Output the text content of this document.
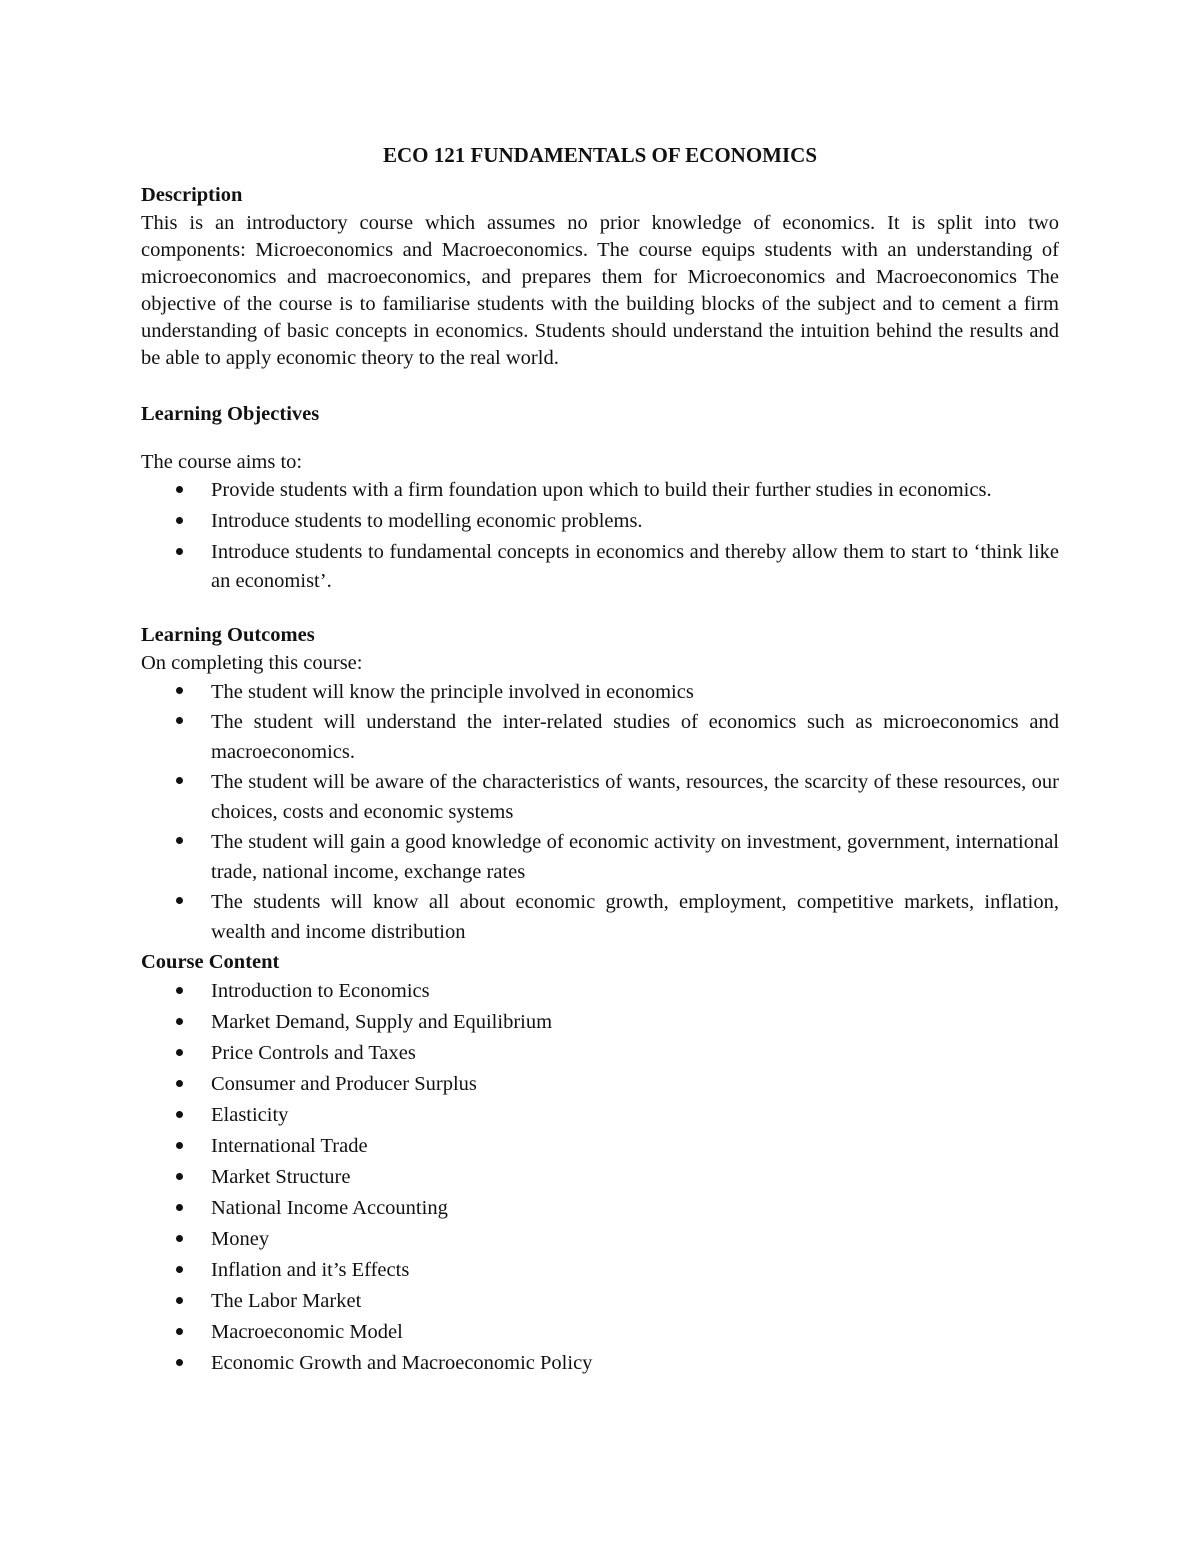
ECO 121 FUNDAMENTALS OF ECONOMICS
Description

This is an introductory course which assumes no prior knowledge of economics. It is split into two components: Microeconomics and Macroeconomics. The course equips students with an understanding of microeconomics and macroeconomics, and prepares them for Microeconomics and Macroeconomics The objective of the course is to familiarise students with the building blocks of the subject and to cement a firm understanding of basic concepts in economics. Students should understand the intuition behind the results and be able to apply economic theory to the real world.

Learning Objectives

The course aims to:

Provide students with a firm foundation upon which to build their further studies in economics.
Introduce students to modelling economic problems.
Introduce students to fundamental concepts in economics and thereby allow them to start to ‘think like an economist’.
Learning Outcomes

On completing this course:

The student will know the principle involved in economics
The student will understand the inter-related studies of economics such as microeconomics and macroeconomics.
The student will be aware of the characteristics of wants, resources, the scarcity of these resources, our choices, costs and economic systems
The student will gain a good knowledge of economic activity on investment, government, international trade, national income, exchange rates
The students will know all about economic growth, employment, competitive markets, inflation, wealth and income distribution
Course Content
Introduction to Economics
Market Demand, Supply and Equilibrium
Price Controls and Taxes
Consumer and Producer Surplus
Elasticity
International Trade
Market Structure
National Income Accounting
Money
Inflation and it’s Effects
The Labor Market
Macroeconomic Model
Economic Growth and Macroeconomic Policy
